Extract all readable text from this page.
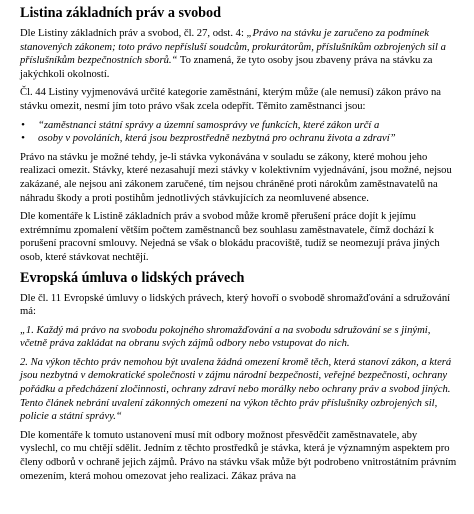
Listina základních práv a svobod

Dle Listiny základních práv a svobod, čl. 27, odst. 4: „Právo na stávku je zaručeno za podmínek stanovených zákonem; toto právo nepřísluší soudcům, prokurátorům, příslušníkům ozbrojených sil a příslušníkům bezpečnostních sborů.“ To znamená, že tyto osoby jsou zbaveny práva na stávku za jakýchkoli okolností.

Čl. 44 Listiny vyjmenovává určité kategorie zaměstnání, kterým může (ale nemusí) zákon právo na stávku omezit, nesmí jím toto právo však zcela odepřít. Těmito zaměstnanci jsou:

• “zaměstnanci státní správy a územní samosprávy ve funkcích, které zákon určí a
• osoby v povoláních, která jsou bezprostředně nezbytná pro ochranu života a zdraví”

Právo na stávku je možné tehdy, je-li stávka vykonávána v souladu se zákony, které mohou jeho realizaci omezit. Stávky, které nezasahují mezi stávky v kolektivním vyjednávání, jsou možné, nejsou zakázané, ale nejsou ani zákonem zaručené, tím nejsou chráněné proti nárokům zaměstnavatelů na náhradu škody a proti postihům jednotlivých stávkujících za neomluvené absence.

Dle komentáře k Listině základních práv a svobod může kromě přerušení práce dojít k jejímu extrémnímu zpomalení větším počtem zaměstnanců bez souhlasu zaměstnavatele, čímž dochází k porušení pracovní smlouvy. Nejedná se však o blokádu pracoviště, tudíž se neomezují práva jiných osob, které stávkovat nechtějí.

Evropská úmluva o lidských právech

Dle čl. 11 Evropské úmluvy o lidských právech, který hovoří o svobodě shromažďování a sdružování má:

„1. Každý má právo na svobodu pokojného shromažďování a na svobodu sdružování se s jinými, včetně práva zakládat na obranu svých zájmů odbory nebo vstupovat do nich.

2. Na výkon těchto práv nemohou být uvalena žádná omezení kromě těch, která stanoví zákon, a která jsou nezbytná v demokratické společnosti v zájmu národní bezpečnosti, veřejné bezpečnosti, ochrany pořádku a předcházení zločinnosti, ochrany zdraví nebo morálky nebo ochrany práv a svobod jiných. Tento článek nebrání uvalení zákonných omezení na výkon těchto práv příslušníky ozbrojených sil, policie a státní správy.“

Dle komentáře k tomuto ustanovení musí mít odbory možnost přesvědčit zaměstnavatele, aby vyslechl, co mu chtějí sdělit. Jedním z těchto prostředků je stávka, která je významným aspektem pro členy odborů v ochraně jejich zájmů. Právo na stávku však může být podrobeno vnitrostátním právním omezením, která mohou omezovat jeho realizaci. Zákaz práva na
